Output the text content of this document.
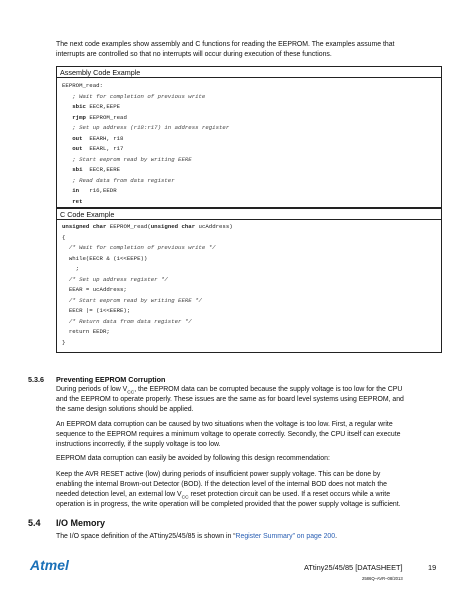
The next code examples show assembly and C functions for reading the EEPROM. The examples assume that
interrupts are controlled so that no interrupts will occur during execution of these functions.
Assembly Code Example
EEPROM_read:
; Wait for completion of previous write
sbic EECR,EEPE
rjmp EEPROM_read
; Set up address (r18:r17) in address register
out  EEARH, r18
out  EEARL, r17
; Start eeprom read by writing EERE
sbi  EECR,EERE
; Read data from data register
in   r16,EEDR
ret
C Code Example
unsigned char EEPROM_read(unsigned char ucAddress)
{
/* Wait for completion of previous write */
while(EECR & (1<<EEPE))
;
/* Set up address register */
EEAR = ucAddress;
/* Start eeprom read by writing EERE */
EECR |= (1<<EERE);
/* Return data from data register */
return EEDR;
}
5.3.6 Preventing EEPROM Corruption
During periods of low $V_{CC}$, the EEPROM data can be corrupted because the supply voltage is too low for the CPU
and the EEPROM to operate properly. These issues are the same as for board level systems using EEPROM, and
the same design solutions should be applied.
An EEPROM data corruption can be caused by two situations when the voltage is too low. First, a regular write
sequence to the EEPROM requires a minimum voltage to operate correctly. Secondly, the CPU itself can execute
instructions incorrectly, if the supply voltage is too low.
EEPROM data corruption can easily be avoided by following this design recommendation:
Keep the AVR RESET active (low) during periods of insufficient power supply voltage. This can be done by
enabling the internal Brown-out Detector (BOD). If the detection level of the internal BOD does not match the
needed detection level, an external low $V_{CC}$ reset protection circuit can be used. If a reset occurs while a write
operation is in progress, the write operation will be completed provided that the power supply voltage is sufficient.
5.4 I/O Memory
The I/O space definition of the ATtiny25/45/85 is shown in “Register Summary” on page 200.
Atmel	ATtiny25/45/85 [DATASHEET]	19
2586Q–AVR–08/2013
